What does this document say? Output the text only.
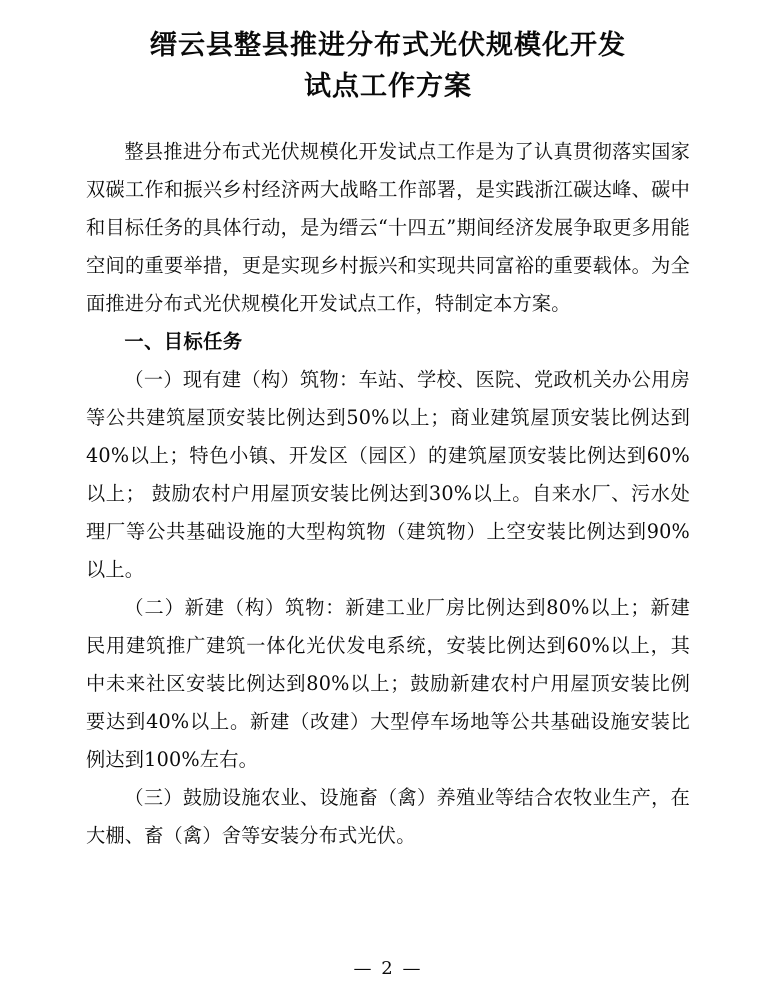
缙云县整县推进分布式光伏规模化开发
试点工作方案

整县推进分布式光伏规模化开发试点工作是为了认真贯彻落实国家双碳工作和振兴乡村经济两大战略工作部署，是实践浙江碳达峰、碳中和目标任务的具体行动，是为缙云“十四五”期间经济发展争取更多用能空间的重要举措，更是实现乡村振兴和实现共同富裕的重要载体。为全面推进分布式光伏规模化开发试点工作，特制定本方案。

一、目标任务

（一）现有建（构）筑物：车站、学校、医院、党政机关办公用房等公共建筑屋顶安装比例达到50%以上；商业建筑屋顶安装比例达到40%以上；特色小镇、开发区（园区）的建筑屋顶安装比例达到60%以上； 鼓励农村户用屋顶安装比例达到30%以上。自来水厂、污水处理厂等公共基础设施的大型构筑物（建筑物）上空安装比例达到90%以上。

（二）新建（构）筑物：新建工业厂房比例达到80%以上；新建民用建筑推广建筑一体化光伏发电系统，安装比例达到60%以上，其中未来社区安装比例达到80%以上；鼓励新建农村户用屋顶安装比例要达到40%以上。新建（改建）大型停车场地等公共基础设施安装比例达到100%左右。

（三）鼓励设施农业、设施畜（禽）养殖业等结合农牧业生产，在大棚、畜（禽）舍等安装分布式光伏。

— 2 —
